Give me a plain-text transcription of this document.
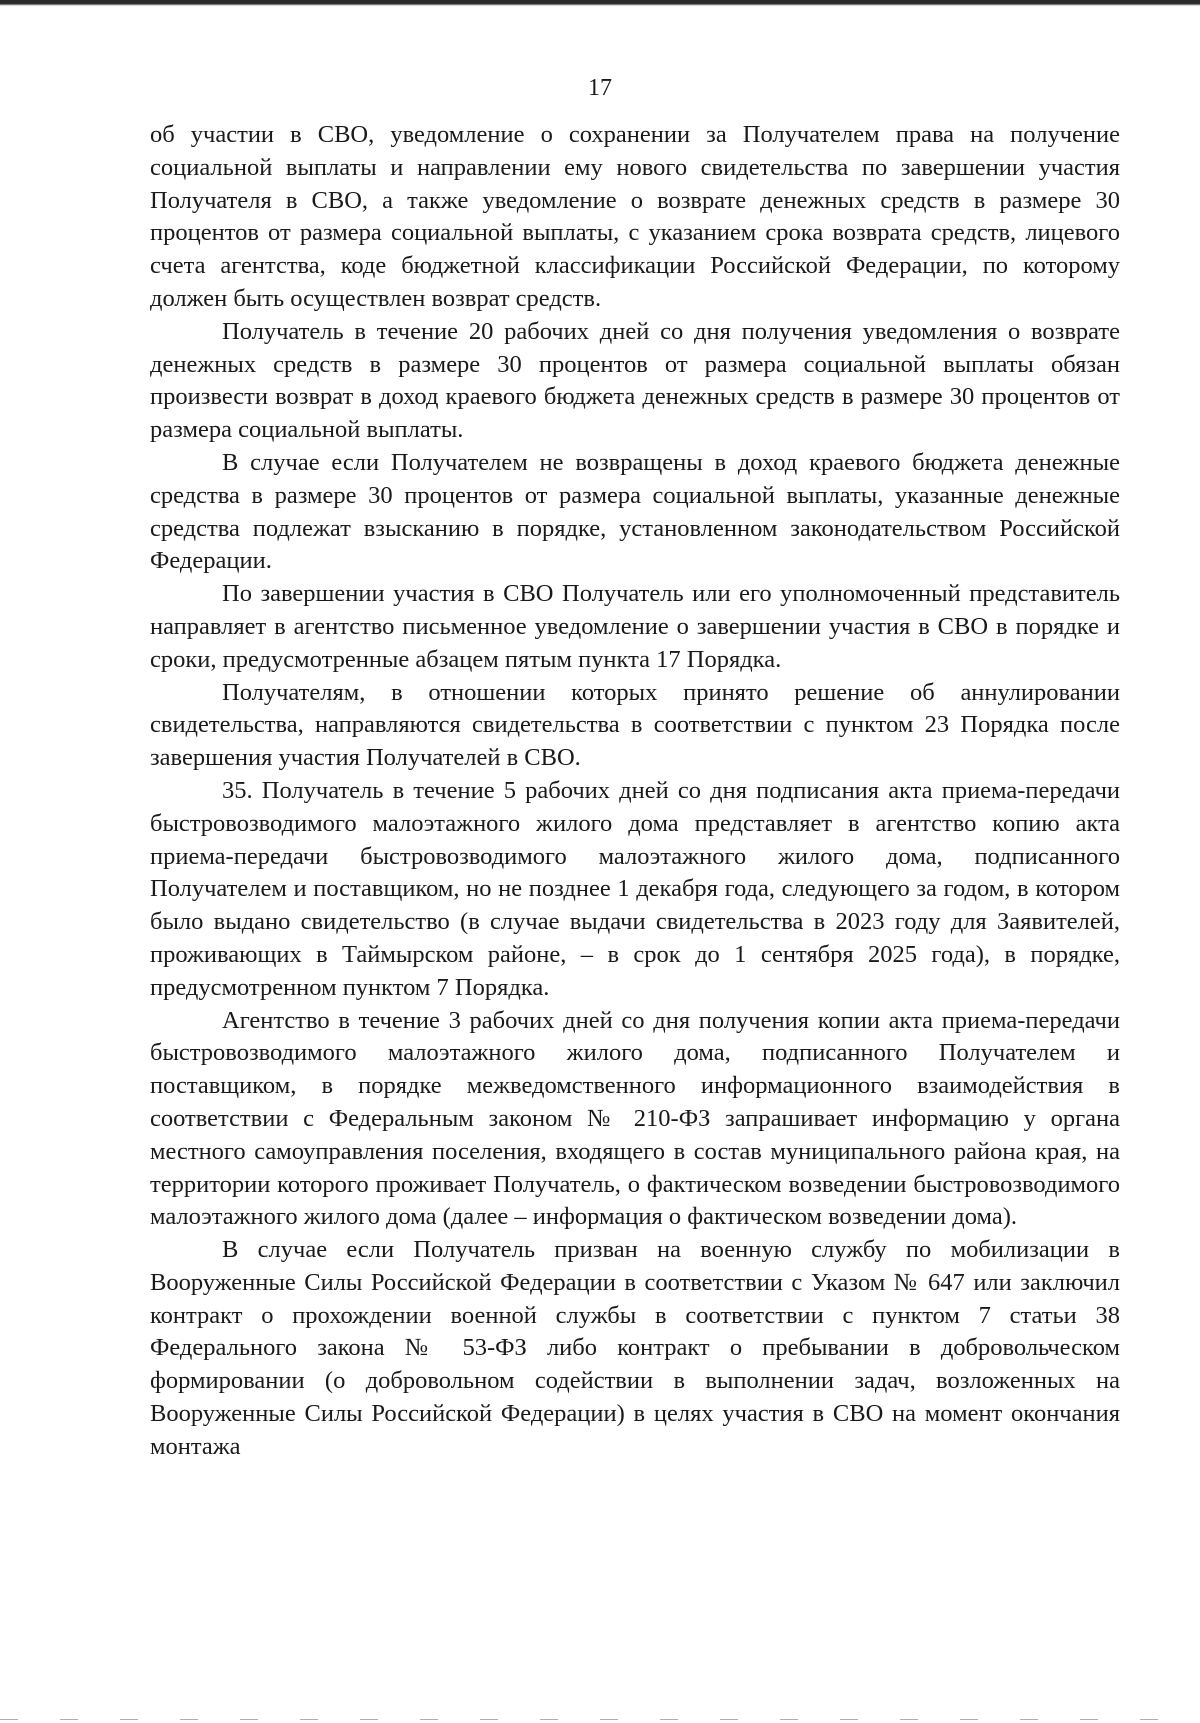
17

об участии в СВО, уведомление о сохранении за Получателем права на получение социальной выплаты и направлении ему нового свидетельства по завершении участия Получателя в СВО, а также уведомление о возврате денежных средств в размере 30 процентов от размера социальной выплаты, с указанием срока возврата средств, лицевого счета агентства, коде бюджетной классификации Российской Федерации, по которому должен быть осуществлен возврат средств.

Получатель в течение 20 рабочих дней со дня получения уведомления о возврате денежных средств в размере 30 процентов от размера социальной выплаты обязан произвести возврат в доход краевого бюджета денежных средств в размере 30 процентов от размера социальной выплаты.

В случае если Получателем не возвращены в доход краевого бюджета денежные средства в размере 30 процентов от размера социальной выплаты, указанные денежные средства подлежат взысканию в порядке, установленном законодательством Российской Федерации.

По завершении участия в СВО Получатель или его уполномоченный представитель направляет в агентство письменное уведомление о завершении участия в СВО в порядке и сроки, предусмотренные абзацем пятым пункта 17 Порядка.

Получателям, в отношении которых принято решение об аннулировании свидетельства, направляются свидетельства в соответствии с пунктом 23 Порядка после завершения участия Получателей в СВО.

35. Получатель в течение 5 рабочих дней со дня подписания акта приема-передачи быстровозводимого малоэтажного жилого дома представляет в агентство копию акта приема-передачи быстровозводимого малоэтажного жилого дома, подписанного Получателем и поставщиком, но не позднее 1 декабря года, следующего за годом, в котором было выдано свидетельство (в случае выдачи свидетельства в 2023 году для Заявителей, проживающих в Таймырском районе, – в срок до 1 сентября 2025 года), в порядке, предусмотренном пунктом 7 Порядка.

Агентство в течение 3 рабочих дней со дня получения копии акта приема-передачи быстровозводимого малоэтажного жилого дома, подписанного Получателем и поставщиком, в порядке межведомственного информационного взаимодействия в соответствии с Федеральным законом № 210-ФЗ запрашивает информацию у органа местного самоуправления поселения, входящего в состав муниципального района края, на территории которого проживает Получатель, о фактическом возведении быстровозводимого малоэтажного жилого дома (далее – информация о фактическом возведении дома).

В случае если Получатель призван на военную службу по мобилизации в Вооруженные Силы Российской Федерации в соответствии с Указом № 647 или заключил контракт о прохождении военной службы в соответствии с пунктом 7 статьи 38 Федерального закона № 53-ФЗ либо контракт о пребывании в добровольческом формировании (о добровольном содействии в выполнении задач, возложенных на Вооруженные Силы Российской Федерации) в целях участия в СВО на момент окончания монтажа
